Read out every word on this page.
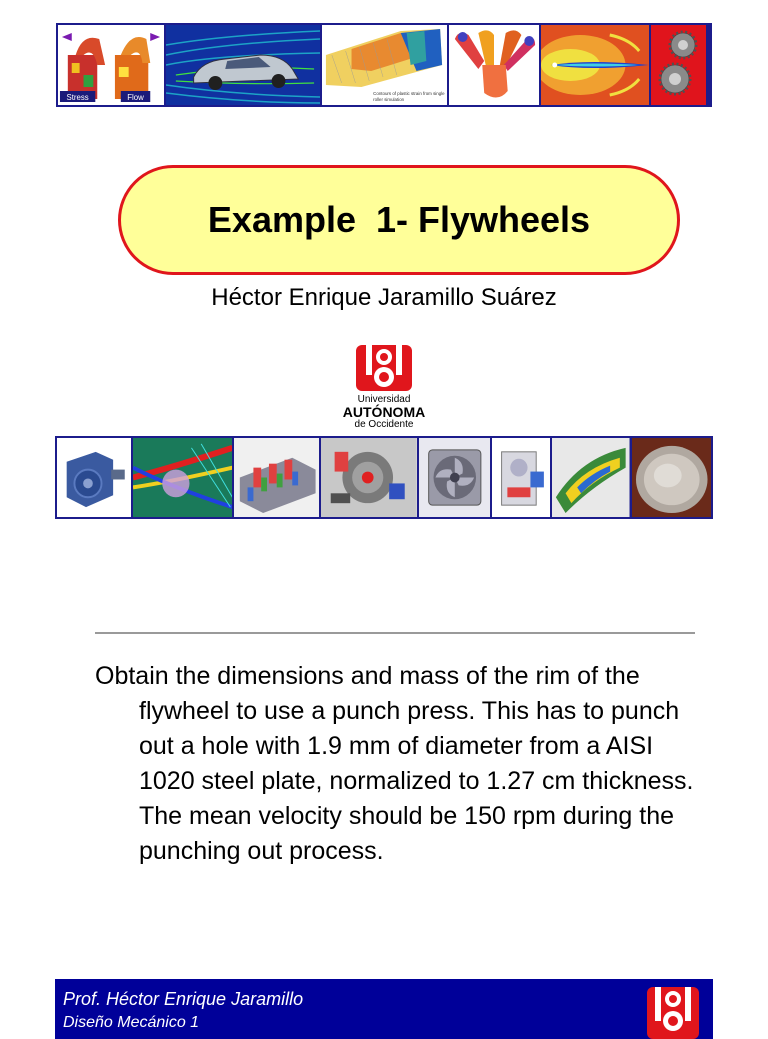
Stress	Flow	Contours of plastic strain from single
roller simulation
Example  1- Flywheels
Héctor Enrique Jaramillo Suárez
Universidad
AUTÓNOMA
de Occidente
Obtain the dimensions and mass of the rim of the flywheel to use a punch press. This has to punch out a hole with 1.9 mm of diameter from a AISI 1020 steel plate, normalized to 1.27 cm thickness. The mean velocity should be 150 rpm during the punching out process.
Prof. Héctor Enrique Jaramillo
Diseño Mecánico 1
